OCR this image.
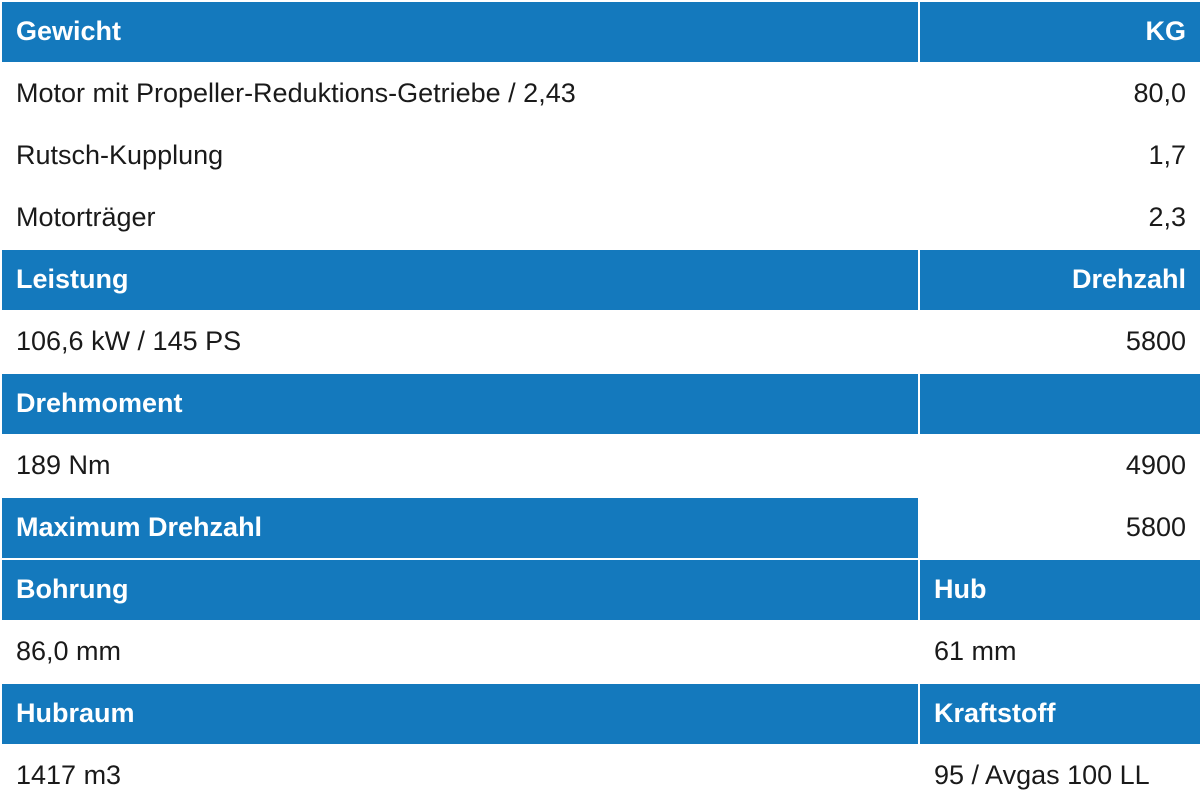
Gewicht	KG
Motor mit Propeller-Reduktions-Getriebe / 2,43	80,0
Rutsch-Kupplung	1,7
Motorträger	2,3
Leistung	Drehzahl
106,6 kW / 145 PS	5800
Drehmoment	
189 Nm	4900
Maximum Drehzahl	5800
Bohrung	Hub
86,0 mm	61 mm
Hubraum	Kraftstoff
1417 m3	95 / Avgas 100 LL
